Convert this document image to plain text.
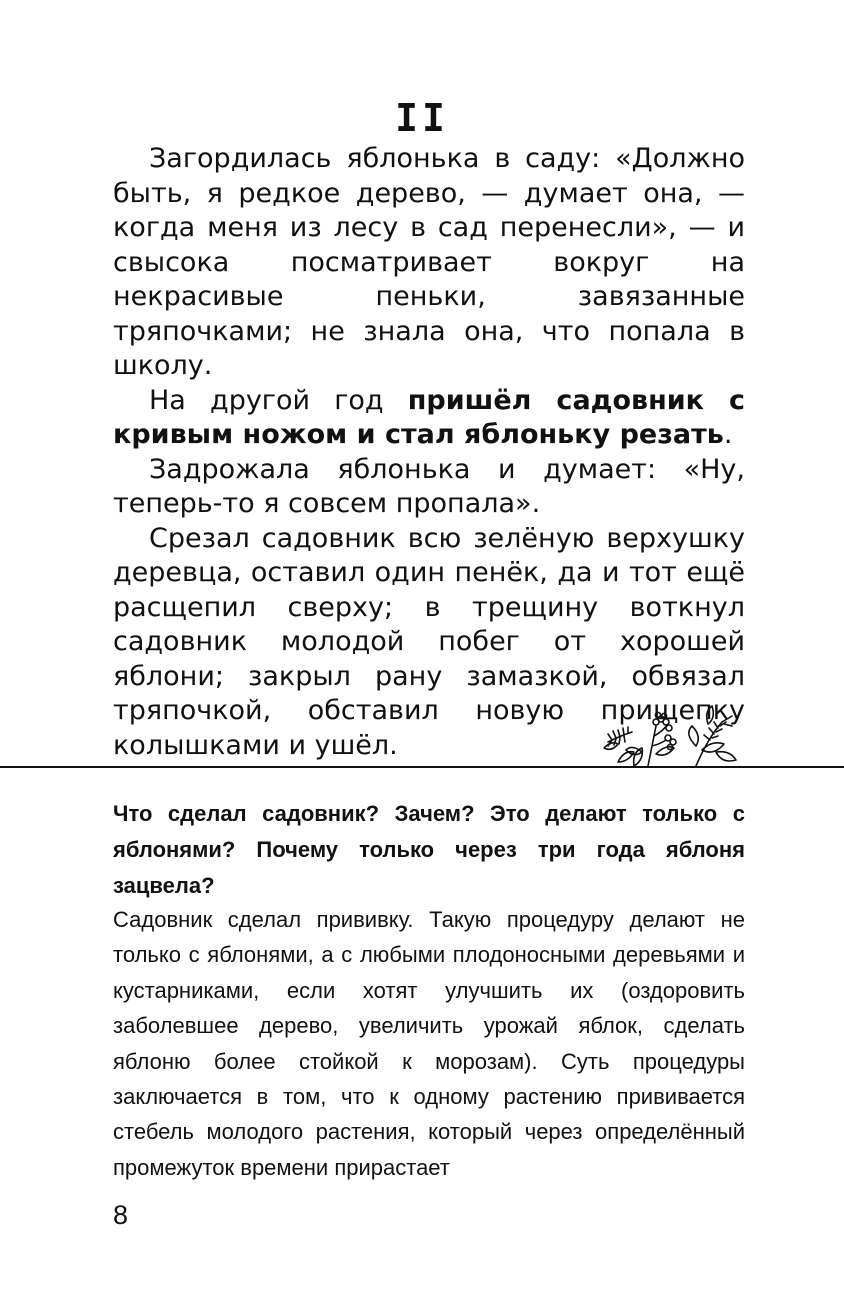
II

Загордилась яблонька в саду: «Должно быть, я редкое дерево, — думает она, — когда меня из лесу в сад перенесли», — и свысока посматривает вокруг на некрасивые пеньки, завязанные тряпочками; не знала она, что попала в школу.

На другой год пришёл садовник с кривым ножом и стал яблоньку резать.

Задрожала яблонька и думает: «Ну, теперь-то я совсем пропала».

Срезал садовник всю зелёную верхушку деревца, оставил один пенёк, да и тот ещё расщепил сверху; в трещину воткнул садовник молодой побег от хорошей яблони; закрыл рану замазкой, обвязал тряпочкой, обставил новую прищепку колышками и ушёл.

Что сделал садовник? Зачем? Это делают только с яблонями? Почему только через три года яблоня зацвела?
Садовник сделал прививку. Такую процедуру делают не только с яблонями, а с любыми плодоносными деревьями и кустарниками, если хотят улучшить их (оздоровить заболевшее дерево, увеличить урожай яблок, сделать яблоню более стойкой к морозам). Суть процедуры заключается в том, что к одному растению прививается стебель молодого растения, который через определённый промежуток времени прирастает
8
